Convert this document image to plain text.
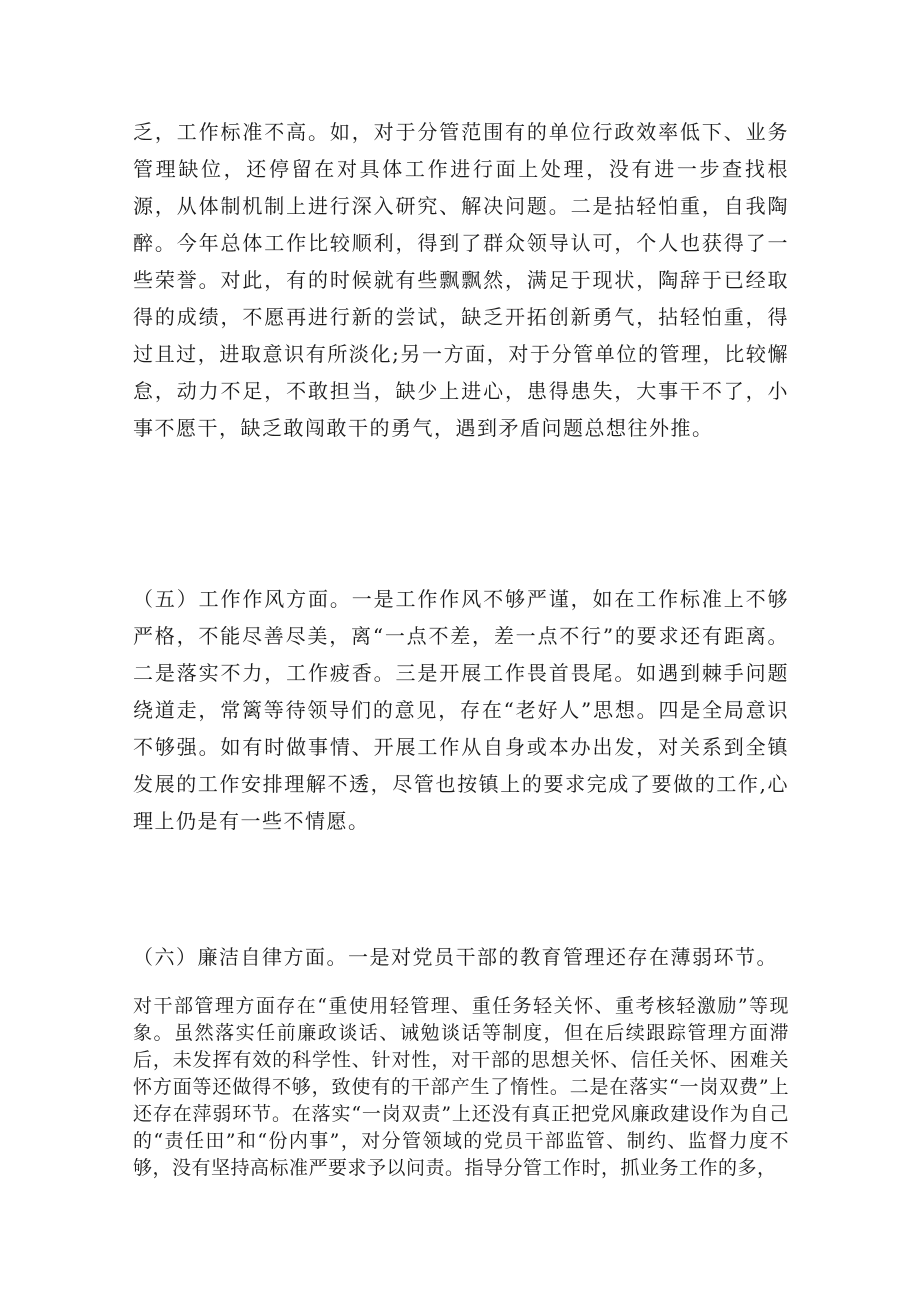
乏，工作标准不高。如，对于分管范围有的单位行政效率低下、业务管理缺位，还停留在对具体工作进行面上处理，没有进一步查找根源，从体制机制上进行深入研究、解决问题。二是拈轻怕重，自我陶醉。今年总体工作比较顺利，得到了群众领导认可，个人也获得了一些荣誉。对此，有的时候就有些飘飘然，满足于现状，陶辞于已经取得的成绩，不愿再进行新的尝试，缺乏开拓创新勇气，拈轻怕重，得过且过，进取意识有所淡化;另一方面，对于分管单位的管理，比较懈怠，动力不足，不敢担当，缺少上进心，患得患失，大事干不了，小事不愿干，缺乏敢闯敢干的勇气，遇到矛盾问题总想往外推。

（五）工作作风方面。一是工作作风不够严谨，如在工作标准上不够严格，不能尽善尽美，离“一点不差，差一点不行”的要求还有距离。二是落实不力，工作疲香。三是开展工作畏首畏尾。如遇到棘手问题绕道走，常篱等待领导们的意见，存在“老好人”思想。四是全局意识不够强。如有时做事情、开展工作从自身或本办出发，对关系到全镇发展的工作安排理解不透，尽管也按镇上的要求完成了要做的工作,心理上仍是有一些不情愿。

（六）廉洁自律方面。一是对党员干部的教育管理还存在薄弱环节。

对干部管理方面存在“重使用轻管理、重任务轻关怀、重考核轻激励”等现象。虽然落实任前廉政谈话、诫勉谈话等制度，但在后续跟踪管理方面滞后，未发挥有效的科学性、针对性，对干部的思想关怀、信任关怀、困难关怀方面等还做得不够，致使有的干部产生了惰性。二是在落实“一岗双费”上还存在萍弱环节。在落实“一岗双责”上还没有真正把党风廉政建设作为自己的“责任田”和“份内事”，对分管领域的党员干部监管、制约、监督力度不够，没有坚持高标准严要求予以问责。指导分管工作时，抓业务工作的多，
